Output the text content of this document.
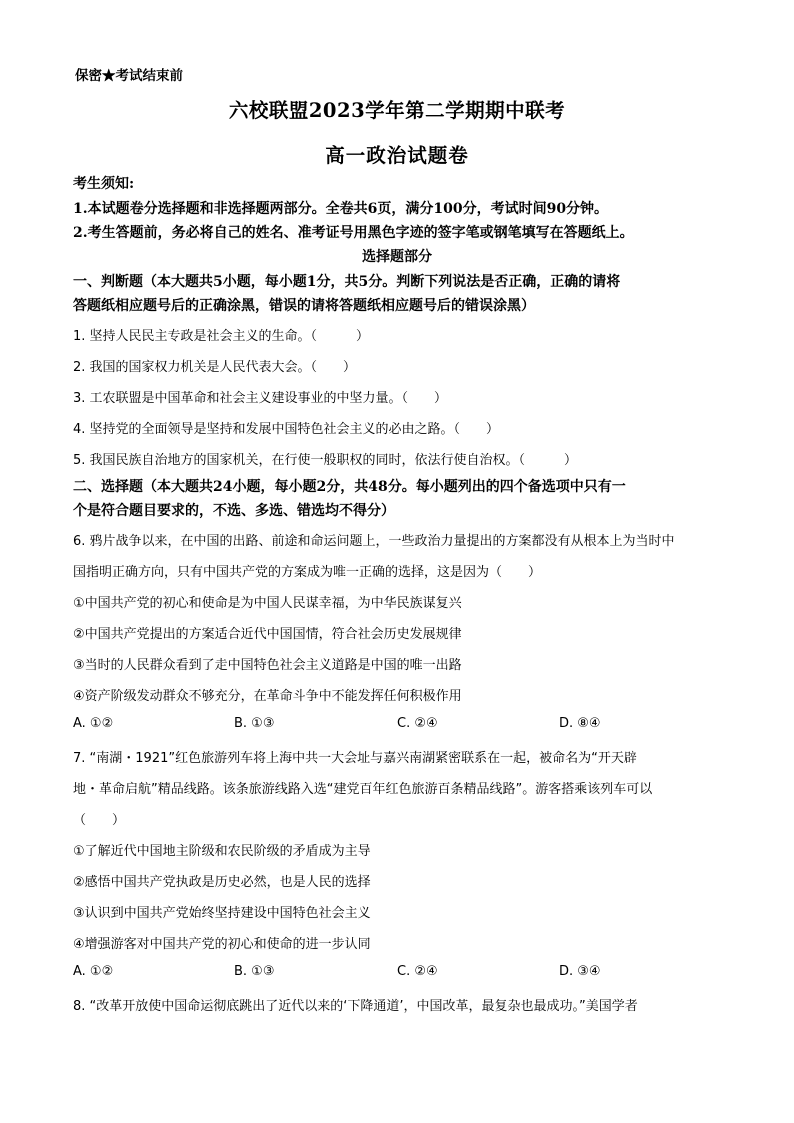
保密★考试结束前
六校联盟2023学年第二学期期中联考
高一政治试题卷
考生须知:
1.本试题卷分选择题和非选择题两部分。全卷共6页，满分100分，考试时间90分钟。
2.考生答题前，务必将自己的姓名、准考证号用黑色字迹的签字笔或钢笔填写在答题纸上。
选择题部分
一、判断题（本大题共5小题，每小题1分，共5分。判断下列说法是否正确，正确的请将
答题纸相应题号后的正确涂黑，错误的请将答题纸相应题号后的错误涂黑）
1. 坚持人民民主专政是社会主义的生命。（　　　）
2. 我国的国家权力机关是人民代表大会。（　　）
3. 工农联盟是中国革命和社会主义建设事业的中坚力量。（　　）
4. 坚持党的全面领导是坚持和发展中国特色社会主义的必由之路。（　　）
5. 我国民族自治地方的国家机关，在行使一般职权的同时，依法行使自治权。（　　　）
二、选择题（本大题共24小题，每小题2分，共48分。每小题列出的四个备选项中只有一
个是符合题目要求的，不选、多选、错选均不得分）
6. 鸦片战争以来，在中国的出路、前途和命运问题上，一些政治力量提出的方案都没有从根本上为当时中
国指明正确方向，只有中国共产党的方案成为唯一正确的选择，这是因为（　　）
①中国共产党的初心和使命是为中国人民谋幸福，为中华民族谋复兴
②中国共产党提出的方案适合近代中国国情，符合社会历史发展规律
③当时的人民群众看到了走中国特色社会主义道路是中国的唯一出路
④资产阶级发动群众不够充分，在革命斗争中不能发挥任何积极作用
A. ①②	B. ①③	C. ②④	D. ⑧④
7. “南湖・1921”红色旅游列车将上海中共一大会址与嘉兴南湖紧密联系在一起，被命名为“开天辟
地・革命启航”精品线路。该条旅游线路入选“建党百年红色旅游百条精品线路”。游客搭乘该列车可以
（　　）
①了解近代中国地主阶级和农民阶级的矛盾成为主导
②感悟中国共产党执政是历史必然，也是人民的选择
③认识到中国共产党始终坚持建设中国特色社会主义
④增强游客对中国共产党的初心和使命的进一步认同
A. ①②	B. ①③	C. ②④	D. ③④
8. “改革开放使中国命运彻底跳出了近代以来的‘下降通道’，中国改革，最复杂也最成功。”美国学者
